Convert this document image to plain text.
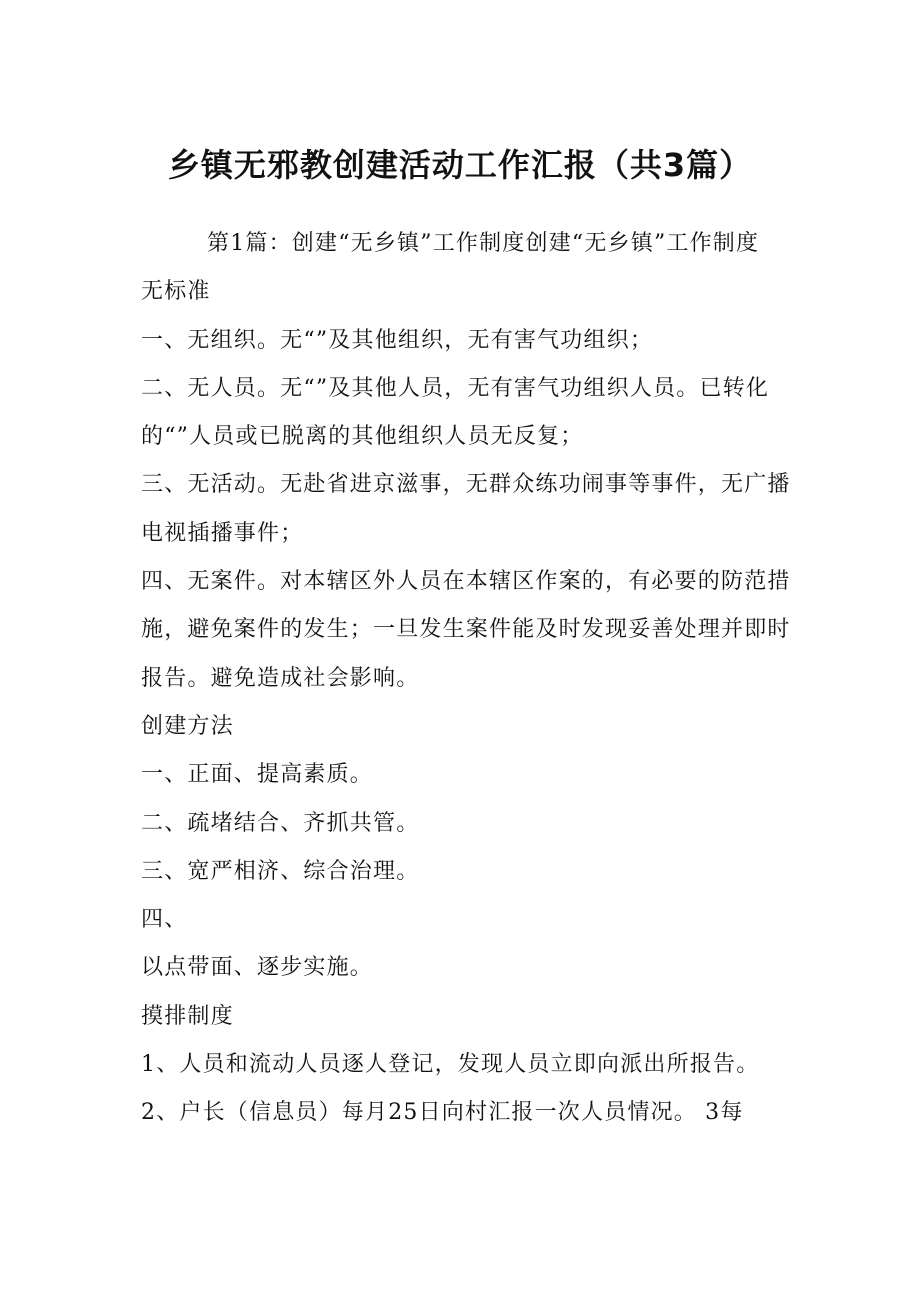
乡镇无邪教创建活动工作汇报（共3篇）

第1篇：创建“无乡镇”工作制度创建“无乡镇”工作制度

无标准

一、无组织。无“”及其他组织，无有害气功组织；

二、无人员。无“”及其他人员，无有害气功组织人员。已转化的“”人员或已脱离的其他组织人员无反复；

三、无活动。无赴省进京滋事，无群众练功闹事等事件，无广播电视插播事件；

四、无案件。对本辖区外人员在本辖区作案的，有必要的防范措施，避免案件的发生；一旦发生案件能及时发现妥善处理并即时报告。避免造成社会影响。

创建方法

一、正面、提高素质。

二、疏堵结合、齐抓共管。

三、宽严相济、综合治理。

四、

以点带面、逐步实施。

摸排制度

1、人员和流动人员逐人登记，发现人员立即向派出所报告。

2、户长（信息员）每月25日向村汇报一次人员情况。 3每
